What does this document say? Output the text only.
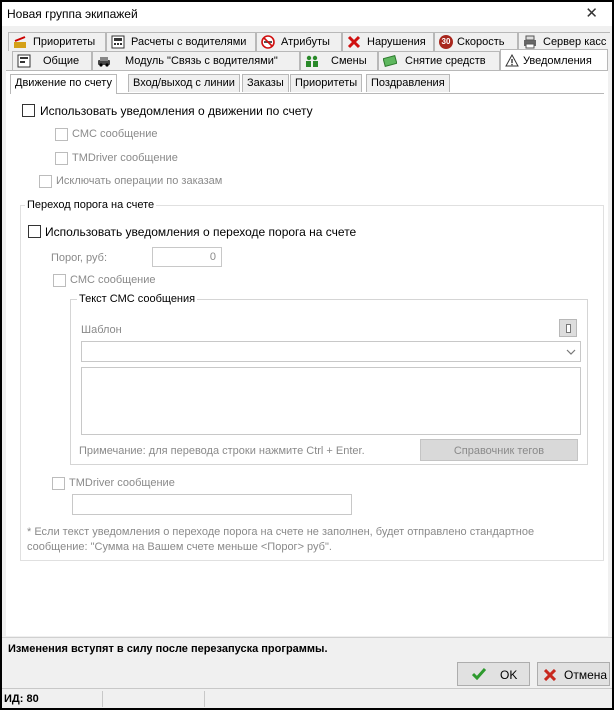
Новая группа экипажей	✕
Приоритеты	Расчеты с водителями	Атрибуты	Нарушения	30 Скорость	Сервер касс
Общие	Модуль "Связь с водителями"	Смены	Снятие средств	Уведомления
Движение по счету	Вход/выход с линии	Заказы	Приоритеты	Поздравления
Использовать уведомления о движении по счету
СМС сообщение
TMDriver сообщение
Исключать операции по заказам
Переход порога на счете
Использовать уведомления о переходе порога на счете
Порог, руб:	0
СМС сообщение
Текст СМС сообщения
Шаблон
Примечание: для перевода строки нажмите Ctrl + Enter.	Справочник тегов
TMDriver сообщение
* Если текст уведомления о переходе порога на счете не заполнен, будет отправлено стандартное
сообщение: "Сумма на Вашем счете меньше <Порог> руб".
Изменения вступят в силу после перезапуска программы.
OK	Отмена
ИД: 80
